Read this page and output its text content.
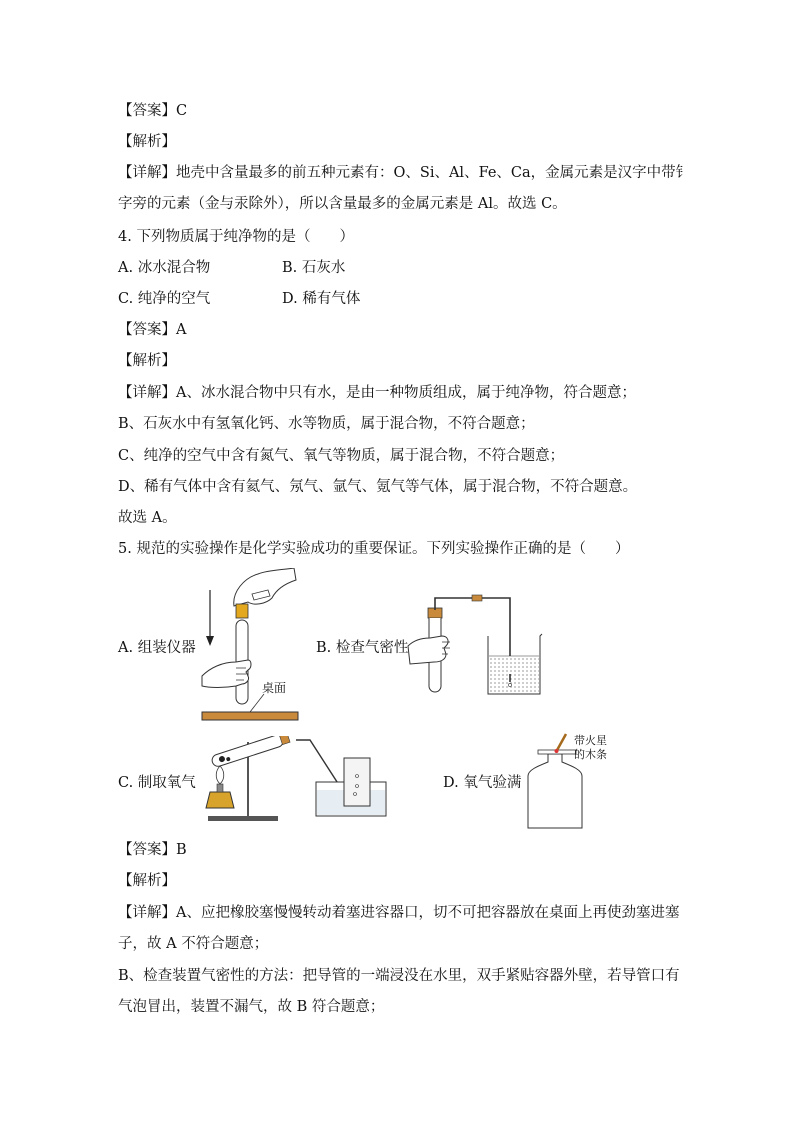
【答案】C
【解析】
【详解】地壳中含量最多的前五种元素有：O、Si、Al、Fe、Ca，金属元素是汉字中带钅
字旁的元素（金与汞除外），所以含量最多的金属元素是 Al。故选 C。
4. 下列物质属于纯净物的是（　　）
A. 冰水混合物	B. 石灰水
C. 纯净的空气	D. 稀有气体
【答案】A
【解析】
【详解】A、冰水混合物中只有水，是由一种物质组成，属于纯净物，符合题意；
B、石灰水中有氢氧化钙、水等物质，属于混合物，不符合题意；
C、纯净的空气中含有氮气、氧气等物质，属于混合物，不符合题意；
D、稀有气体中含有氦气、氖气、氩气、氪气等气体，属于混合物，不符合题意。
故选 A。
5. 规范的实验操作是化学实验成功的重要保证。下列实验操作正确的是（　　）
A. 组装仪器	B. 检查气密性
C. 制取氧气	D. 氧气验满
桌面
带火星
的木条
【答案】B
【解析】
【详解】A、应把橡胶塞慢慢转动着塞进容器口，切不可把容器放在桌面上再使劲塞进塞
子，故 A 不符合题意；
B、检查装置气密性的方法：把导管的一端浸没在水里，双手紧贴容器外壁，若导管口有
气泡冒出，装置不漏气，故 B 符合题意；
